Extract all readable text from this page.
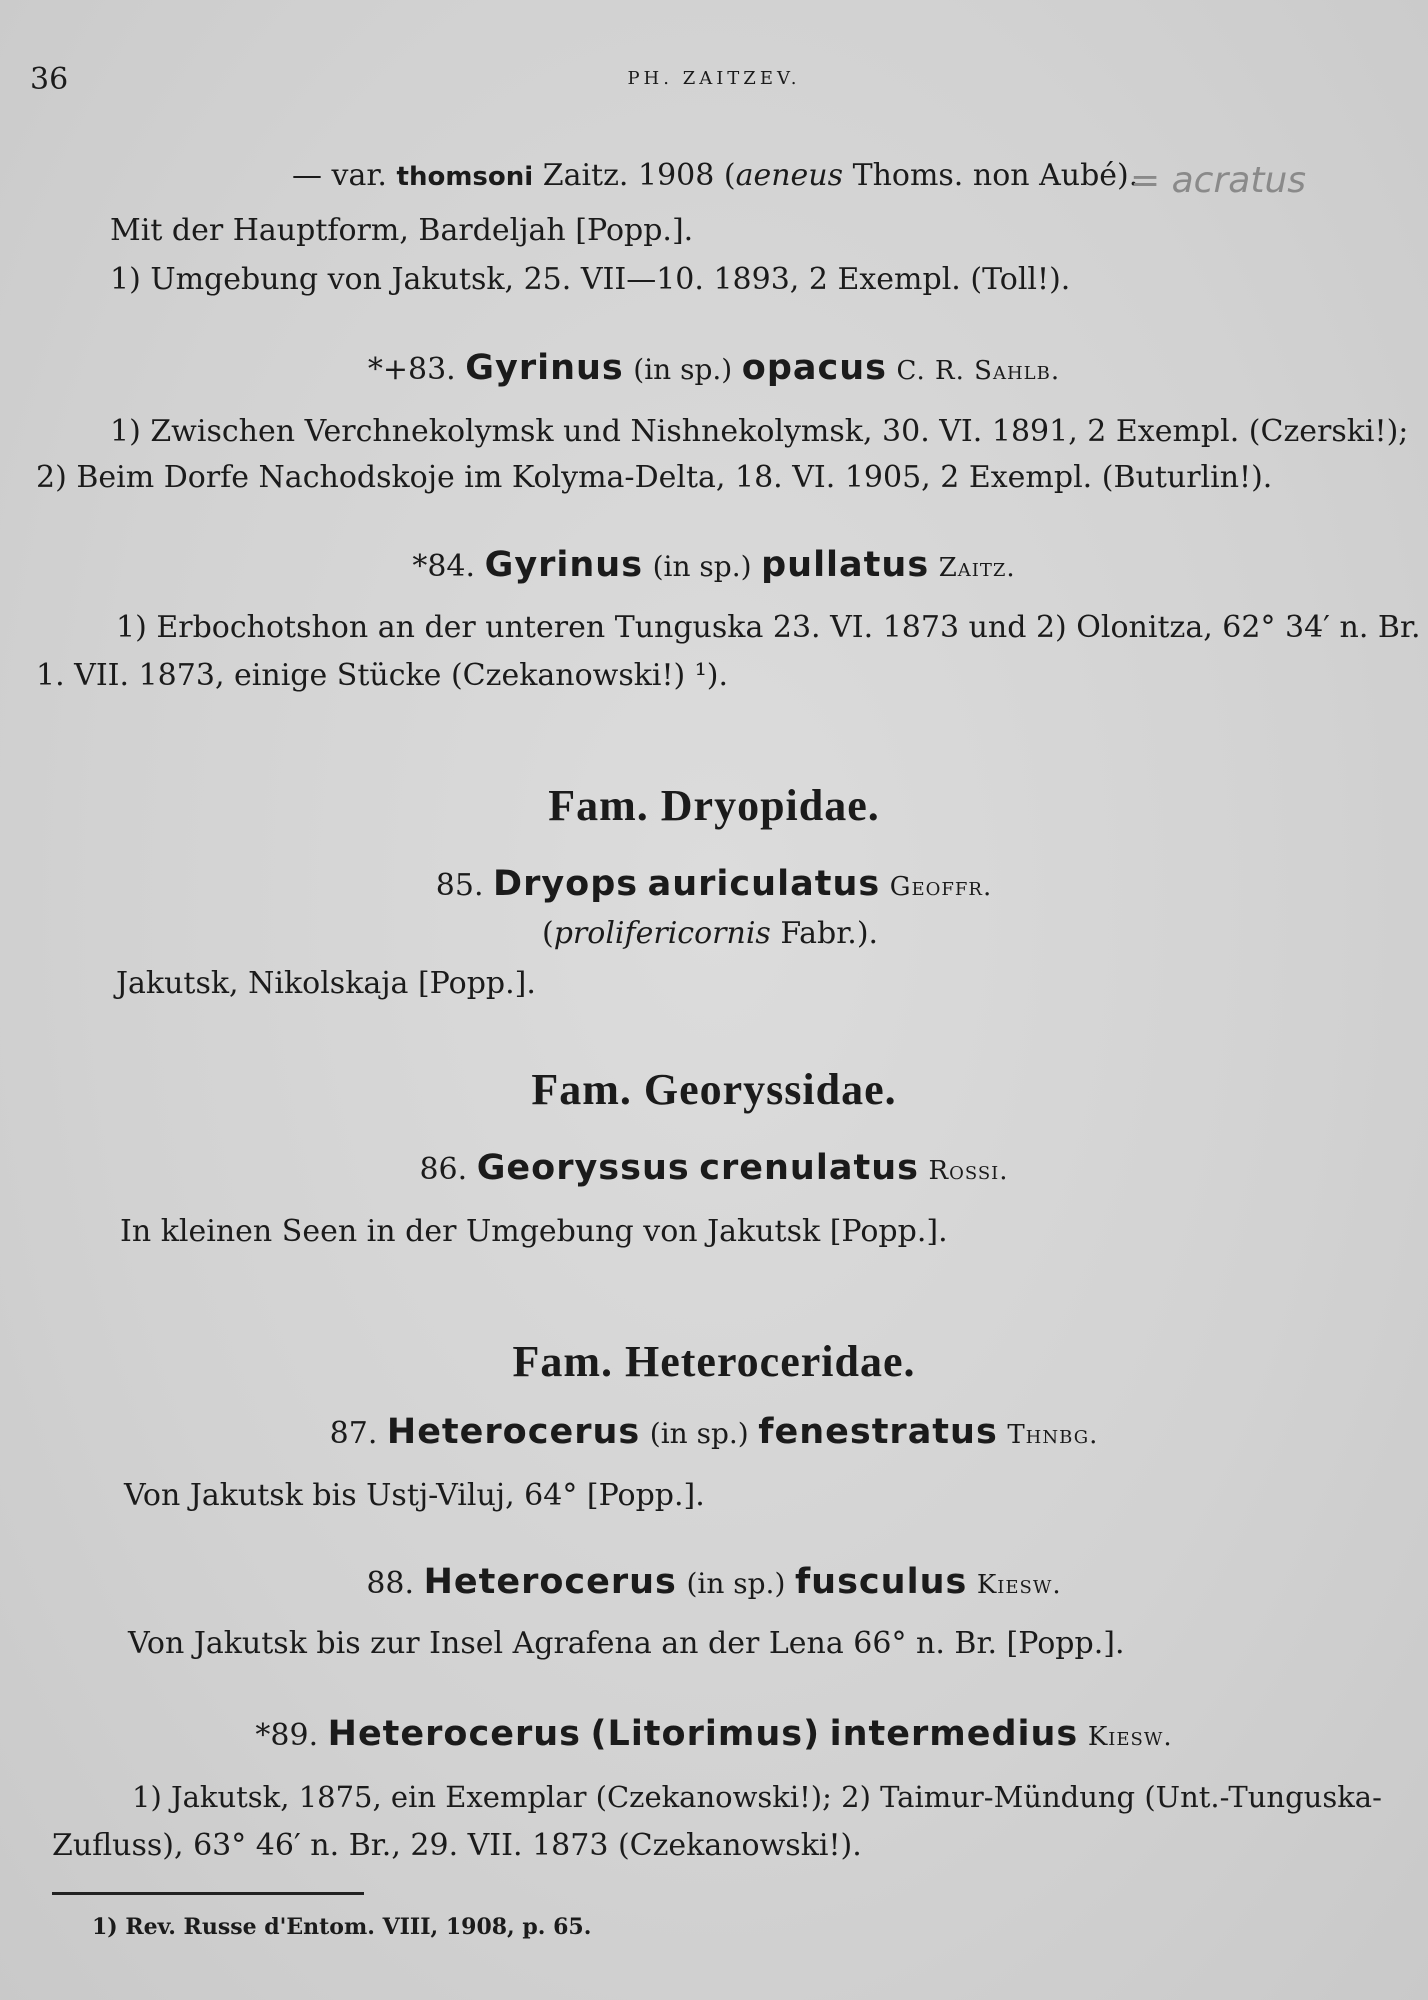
36	PH. ZAITZEV.
— var. thomsoni Zaitz. 1908 (aeneus Thoms. non Aubé).
= acratus
Mit der Hauptform, Bardeljah [Popp.].
1) Umgebung von Jakutsk, 25. VII—10. 1893, 2 Exempl. (Toll!).
*+83. Gyrinus (in sp.) opacus C. R. Sahlb.
1) Zwischen Verchnekolymsk und Nishnekolymsk, 30. VI. 1891, 2 Exempl. (Czerski!);
2) Beim Dorfe Nachodskoje im Kolyma-Delta, 18. VI. 1905, 2 Exempl. (Buturlin!).
*84. Gyrinus (in sp.) pullatus Zaitz.
1) Erbochotshon an der unteren Tunguska 23. VI. 1873 und 2) Olonitza, 62° 34′ n. Br.
1. VII. 1873, einige Stücke (Czekanowski!) ¹).
Fam. Dryopidae.
85. Dryops auriculatus Geoffr.
(prolifericornis Fabr.).
Jakutsk, Nikolskaja [Popp.].
Fam. Georyssidae.
86. Georyssus crenulatus Rossi.
In kleinen Seen in der Umgebung von Jakutsk [Popp.].
Fam. Heteroceridae.
87. Heterocerus (in sp.) fenestratus Thnbg.
Von Jakutsk bis Ustj-Viluj, 64° [Popp.].
88. Heterocerus (in sp.) fusculus Kiesw.
Von Jakutsk bis zur Insel Agrafena an der Lena 66° n. Br. [Popp.].
*89. Heterocerus (Litorimus) intermedius Kiesw.
1) Jakutsk, 1875, ein Exemplar (Czekanowski!); 2) Taimur-Mündung (Unt.-Tunguska-
Zufluss), 63° 46′ n. Br., 29. VII. 1873 (Czekanowski!).
1) Rev. Russe d'Entom. VIII, 1908, p. 65.
